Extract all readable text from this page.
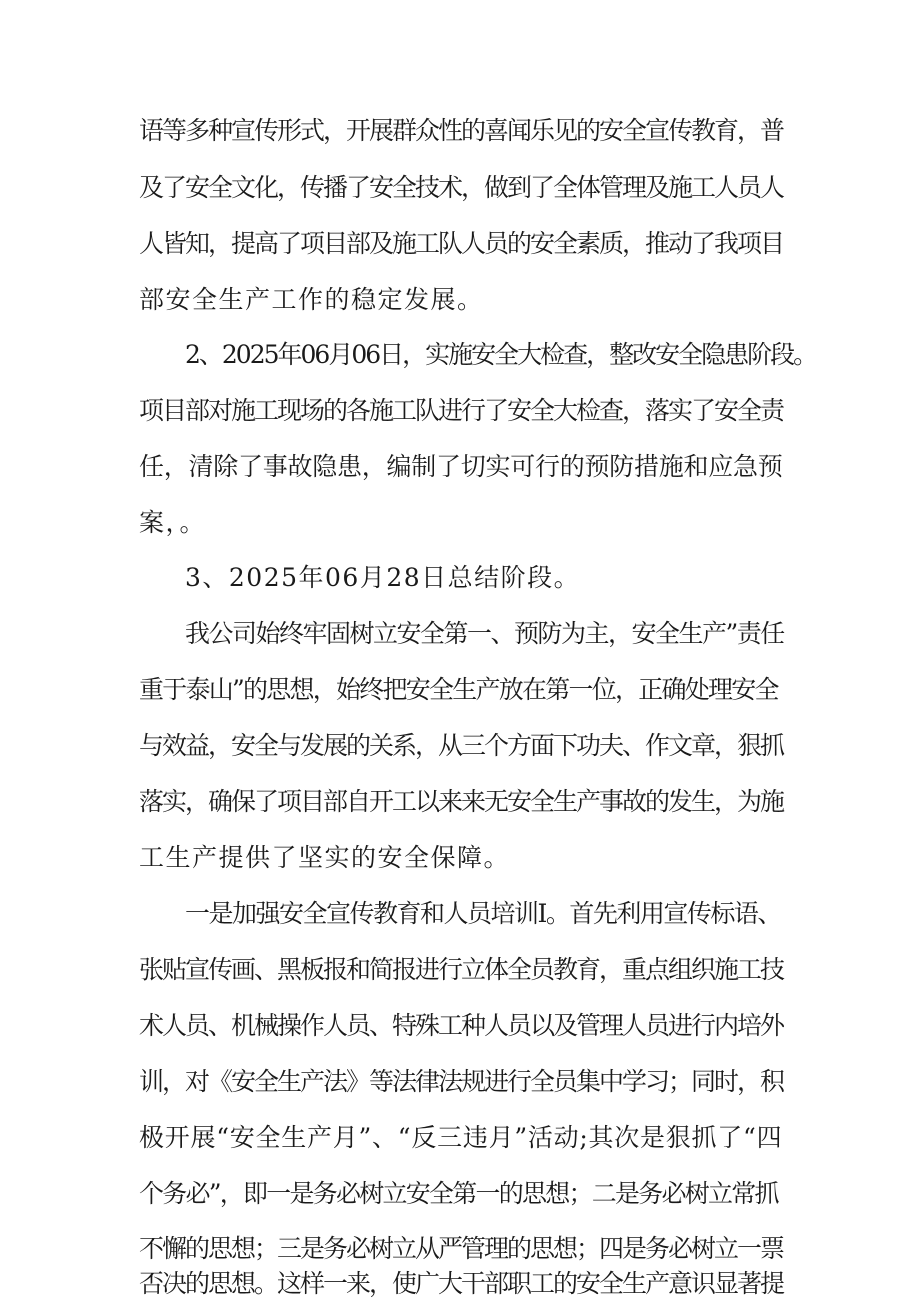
语等多种宣传形式，开展群众性的喜闻乐见的安全宣传教育，普
及了安全文化，传播了安全技术，做到了全体管理及施工人员人
人皆知，提高了项目部及施工队人员的安全素质，推动了我项目
部安全生产工作的稳定发展。
2、2025年06月06日，实施安全大检查，整改安全隐患阶段。
项目部对施工现场的各施工队进行了安全大检查，落实了安全责
任，清除了事故隐患，编制了切实可行的预防措施和应急预
案，。
3、2025年06月28日总结阶段。
我公司始终牢固树立安全第一、预防为主，安全生产”责任
重于泰山”的思想，始终把安全生产放在第一位，正确处理安全
与效益，安全与发展的关系，从三个方面下功夫、作文章，狠抓
落实，确保了项目部自开工以来来无安全生产事故的发生，为施
工生产提供了坚实的安全保障。
一是加强安全宣传教育和人员培训I。首先利用宣传标语、
张贴宣传画、黑板报和简报进行立体全员教育，重点组织施工技
术人员、机械操作人员、特殊工种人员以及管理人员进行内培外
训，对《安全生产法》等法律法规进行全员集中学习；同时，积
极开展“安全生产月”、“反三违月”活动;其次是狠抓了“四
个务必”，即一是务必树立安全第一的思想；二是务必树立常抓
不懈的思想；三是务必树立从严管理的思想；四是务必树立一票
否决的思想。这样一来，使广大干部职工的安全生产意识显著提
